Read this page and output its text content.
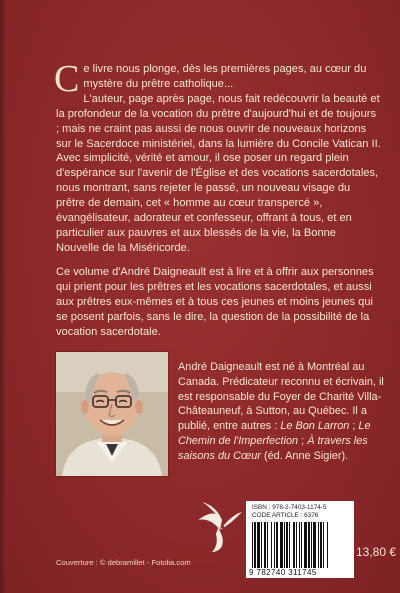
C e livre nous plonge, dès les premières pages, au cœur du mystère du prêtre catholique...

L'auteur, page après page, nous fait redécouvrir la beauté et la profondeur de la vocation du prêtre d'aujourd'hui et de toujours ; mais ne craint pas aussi de nous ouvrir de nouveaux horizons sur le Sacerdoce ministériel, dans la lumière du Concile Vatican II.

Avec simplicité, vérité et amour, il ose poser un regard plein d'espérance sur l'avenir de l'Église et des vocations sacerdotales, nous montrant, sans rejeter le passé, un nouveau visage du prêtre de demain, cet « homme au cœur transpercé », évangélisateur, adorateur et confesseur, offrant à tous, et en particulier aux pauvres et aux blessés de la vie, la Bonne Nouvelle de la Miséricorde.

Ce volume d'André Daigneault est à lire et à offrir aux personnes qui prient pour les prêtres et les vocations sacerdotales, et aussi aux prêtres eux-mêmes et à tous ces jeunes et moins jeunes qui se posent parfois, sans le dire, la question de la possibilité de la vocation sacerdotale.

André Daigneault est né à Montréal au Canada. Prédicateur reconnu et écrivain, il est responsable du Foyer de Charité Villa-Châteauneuf, à Sutton, au Québec. Il a publié, entre autres : Le Bon Larron ; Le Chemin de l'Imperfection ; À travers les saisons du Cœur (éd. Anne Sigier).
ISBN : 978-2-7403-1174-5
CODE ARTICLE : 6376
9 782740 311745
13,80 €
Couverture : © debramillet - Fotolia.com
